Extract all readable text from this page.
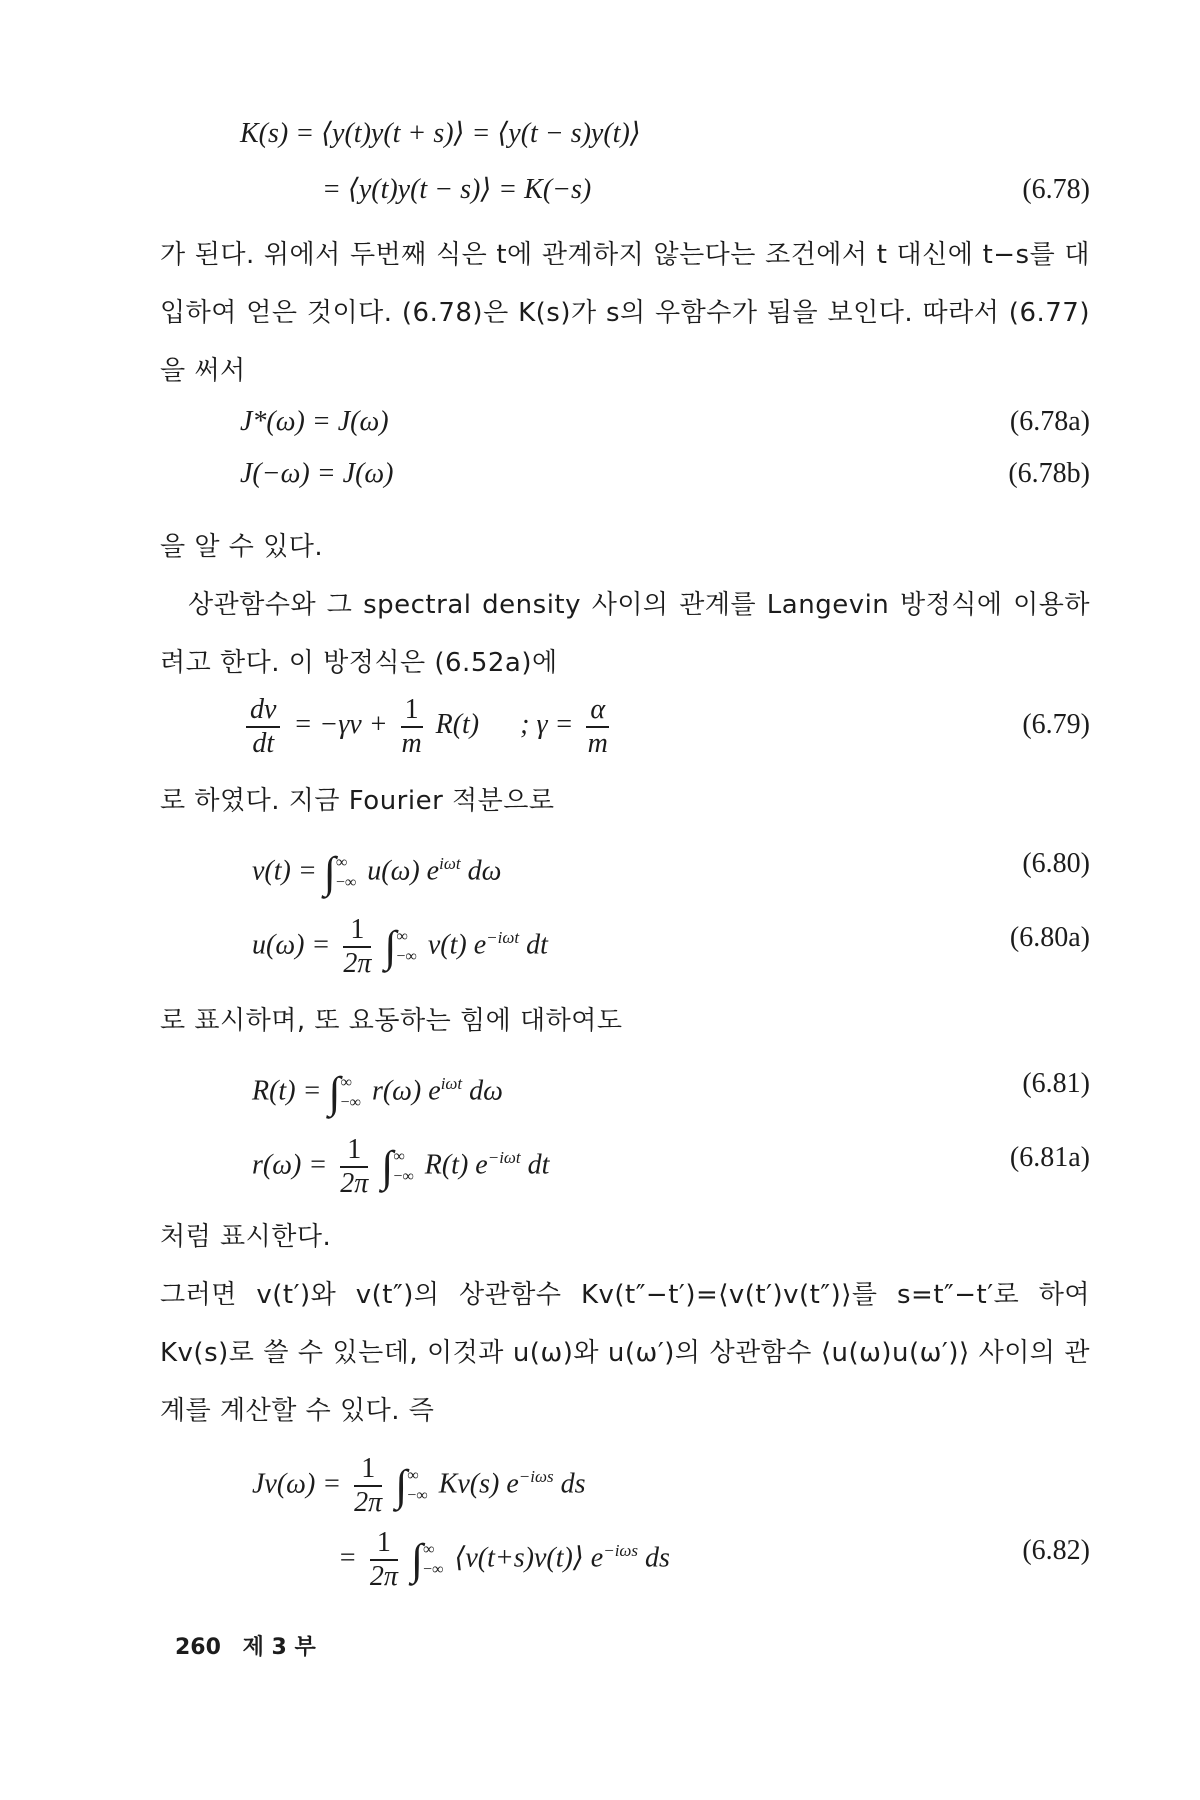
K(s) = ⟨y(t)y(t + s)⟩ = ⟨y(t − s)y(t)⟩
= ⟨y(t)y(t − s)⟩ = K(−s)	(6.78)
가 된다. 위에서 두번째 식은 t에 관계하지 않는다는 조건에서 t 대신에 t−s를 대입하여 얻은 것이다. (6.78)은 K(s)가 s의 우함수가 됨을 보인다. 따라서 (6.77)을 써서
J*(ω) = J(ω)	(6.78a)
J(−ω) = J(ω)	(6.78b)
을 알 수 있다.
상관함수와 그 spectral density 사이의 관계를 Langevin 방정식에 이용하려고 한다. 이 방정식은 (6.52a)에
$\frac{dv}{dt} = -\gamma v + \frac{1}{m} R(t)$ ; $\gamma = \frac{\alpha}{m}$	(6.79)
로 하였다. 지금 Fourier 적분으로
v(t) = ∫ ∞
−∞ u(ω) $e^{i\omega t}$ dω	(6.80)
$u(\omega) = \frac{1}{2\pi}$ ∫ ∞
−∞ v(t) $e^{-i\omega t}$ dt	(6.80a)
로 표시하며, 또 요동하는 힘에 대하여도
R(t) = ∫ ∞
−∞ r(ω) $e^{i\omega t}$ dω	(6.81)
$r(\omega) = \frac{1}{2\pi}$ ∫ ∞
−∞ R(t) $e^{-i\omega t}$ dt	(6.81a)
처럼 표시한다.
그러면 v(t′)와 v(t″)의 상관함수 Kv(t″−t′)=⟨v(t′)v(t″)⟩를 s=t″−t′로 하여 Kv(s)로 쓸 수 있는데, 이것과 u(ω)와 u(ω′)의 상관함수 ⟨u(ω)u(ω′)⟩ 사이의 관계를 계산할 수 있다. 즉
$Jv(\omega) = \frac{1}{2\pi}$ ∫ ∞
−∞ Kv(s) $e^{-i\omega s}$ ds
= $\frac{1}{2\pi}$ ∫ ∞
−∞ ⟨v(t+s)v(t)⟩ $e^{-i\omega s}$ ds	(6.82)
260 제 3 부
